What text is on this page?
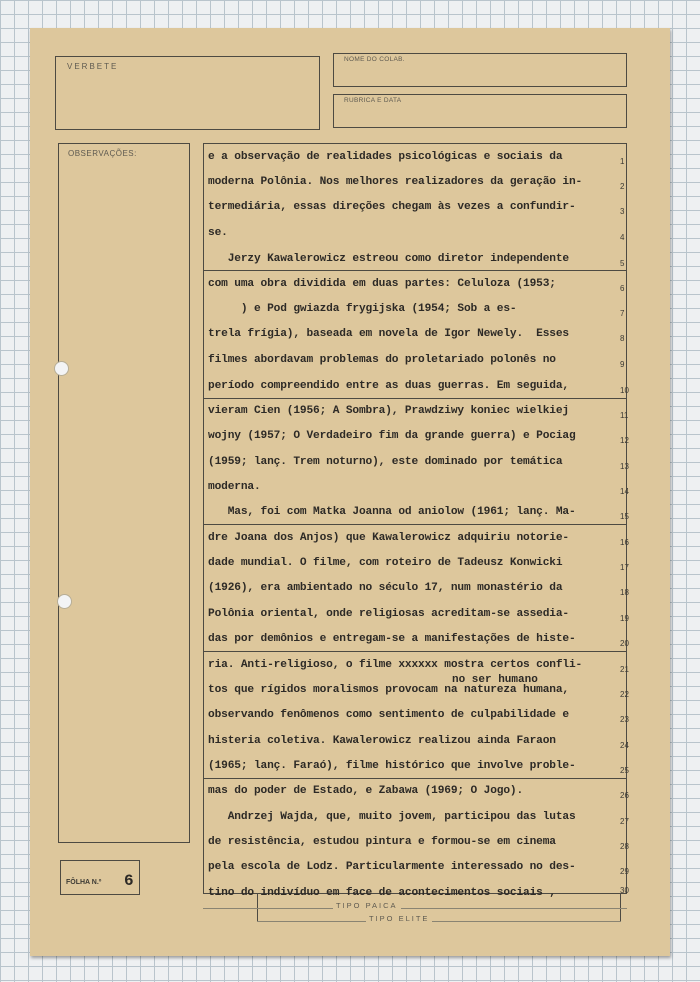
VERBETE
NOME DO COLAB.
RUBRICA E DATA
OBSERVAÇÕES:
FÔLHA N.º 6
TIPO PAICA
TIPO ELITE
e a observação de realidades psicológicas e sociais da
moderna Polônia. Nos melhores realizadores da geração in-
termediária, essas direções chegam às vezes a confundir-
se.
Jerzy Kawalerowicz estreou como diretor independente
com uma obra dividida em duas partes: Celuloza (1953;
) e Pod gwiazda frygijska (1954; Sob a es-
trela frígia), baseada em novela de Igor Newely.  Esses
filmes abordavam problemas do proletariado polonês no
período compreendido entre as duas guerras. Em seguida,
vieram Cien (1956; A Sombra), Prawdziwy koniec wielkiej
wojny (1957; O Verdadeiro fim da grande guerra) e Pociag
(1959; lanç. Trem noturno), este dominado por temática
moderna.
Mas, foi com Matka Joanna od aniolow (1961; lanç. Ma-
dre Joana dos Anjos) que Kawalerowicz adquiriu notorie-
dade mundial. O filme, com roteiro de Tadeusz Konwicki
(1926), era ambientado no século 17, num monastério da
Polônia oriental, onde religiosas acreditam-se assedia-
das por demônios e entregam-se a manifestações de histe-
ria. Anti-religioso, o filme xxxxxx mostra certos confli-
tos que rígidos moralismos provocam na natureza humana,
observando fenômenos como sentimento de culpabilidade e
histeria coletiva. Kawalerowicz realizou ainda Faraon
(1965; lanç. Faraó), filme histórico que involve proble-
mas do poder de Estado, e Zabawa (1969; O Jogo).
Andrzej Wajda, que, muito jovem, participou das lutas
de resistência, estudou pintura e formou-se em cinema
pela escola de Lodz. Particularmente interessado no des-
tino do indivíduo em face de acontecimentos sociais ,
no ser humano
1
2
3
4
5
6
7
8
9
10
11
12
13
14
15
16
17
18
19
20
21
22
23
24
25
26
27
28
29
30
